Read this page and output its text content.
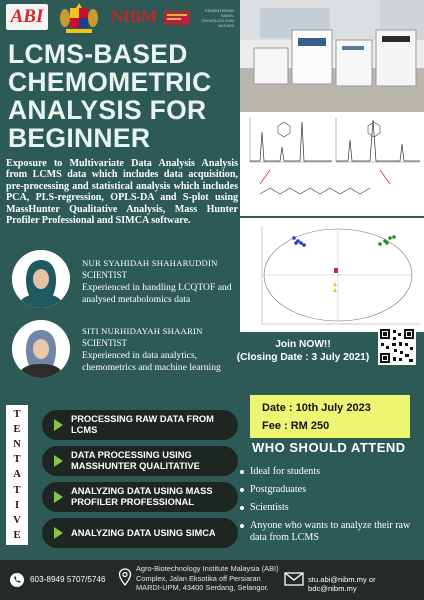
ABI	NIBM	KEMENTERIAN SAINS,
TEKNOLOGI DAN INOVASI
LCMS-BASED
CHEMOMETRIC
ANALYSIS FOR
BEGINNER
Exposure to Multivariate Data Analysis Analysis from LCMS data which includes data acquisition, pre-processing and statistical analysis which includes PCA, PLS-regression, OPLS-DA and S-plot using MassHunter Qualitative Analysis, Mass Hunter Profiler Professional and SIMCA software.
NUR SYAHIDAH SHAHARUDDIN
SCIENTIST
Experienced in handling LCQTOF and analysed metabolomics data
SITI NURHIDAYAH SHAARIN
SCIENTIST
Experienced in data analytics, chemometrics and machine learning
Join NOW!!
(Closing Date : 3 July 2021)
Date : 10th July 2023
Fee : RM 250
T
E
N
T
A
T
I
V
E
PROCESSING RAW DATA FROM LCMS
DATA PROCESSING USING MASSHUNTER QUALITATIVE
ANALYZING DATA USING MASS PROFILER PROFESSIONAL
ANALYZING DATA USING SIMCA
WHO SHOULD ATTEND
Ideal for students
Postgraduates
Scientists
Anyone who wants to analyze their raw data from LCMS
603-8949 5707/5746
Agro-Biotechnology Institute Malaysia (ABI) Complex, Jalan Eksotika off Persiaran MARDI-UPM, 43400 Serdang, Selangor.
stu.abi@nibm.my or bdc@nibm.my
